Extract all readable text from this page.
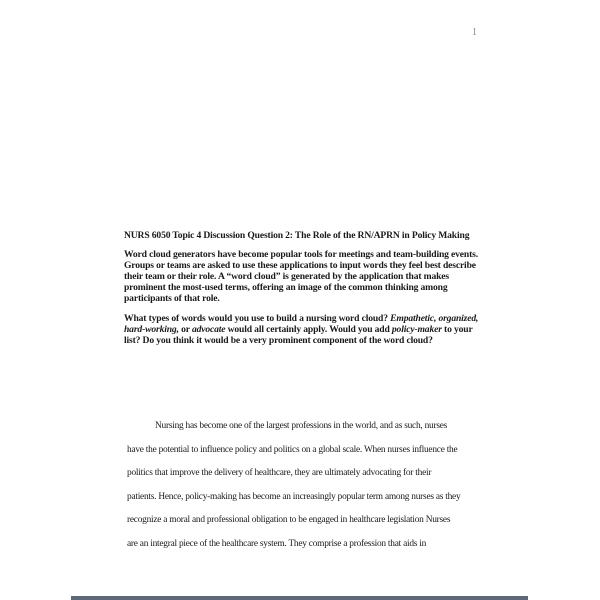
1
NURS 6050 Topic 4 Discussion Question 2: The Role of the RN/APRN in Policy Making

Word cloud generators have become popular tools for meetings and team-building events. Groups or teams are asked to use these applications to input words they feel best describe their team or their role. A “word cloud” is generated by the application that makes prominent the most-used terms, offering an image of the common thinking among participants of that role.

What types of words would you use to build a nursing word cloud? Empathetic, organized, hard-working, or advocate would all certainly apply. Would you add policy-maker to your list? Do you think it would be a very prominent component of the word cloud?

Nursing has become one of the largest professions in the world, and as such, nurses
have the potential to influence policy and politics on a global scale. When nurses influence the
politics that improve the delivery of healthcare, they are ultimately advocating for their
patients. Hence, policy-making has become an increasingly popular term among nurses as they
recognize a moral and professional obligation to be engaged in healthcare legislation Nurses
are an integral piece of the healthcare system. They comprise a profession that aids in
